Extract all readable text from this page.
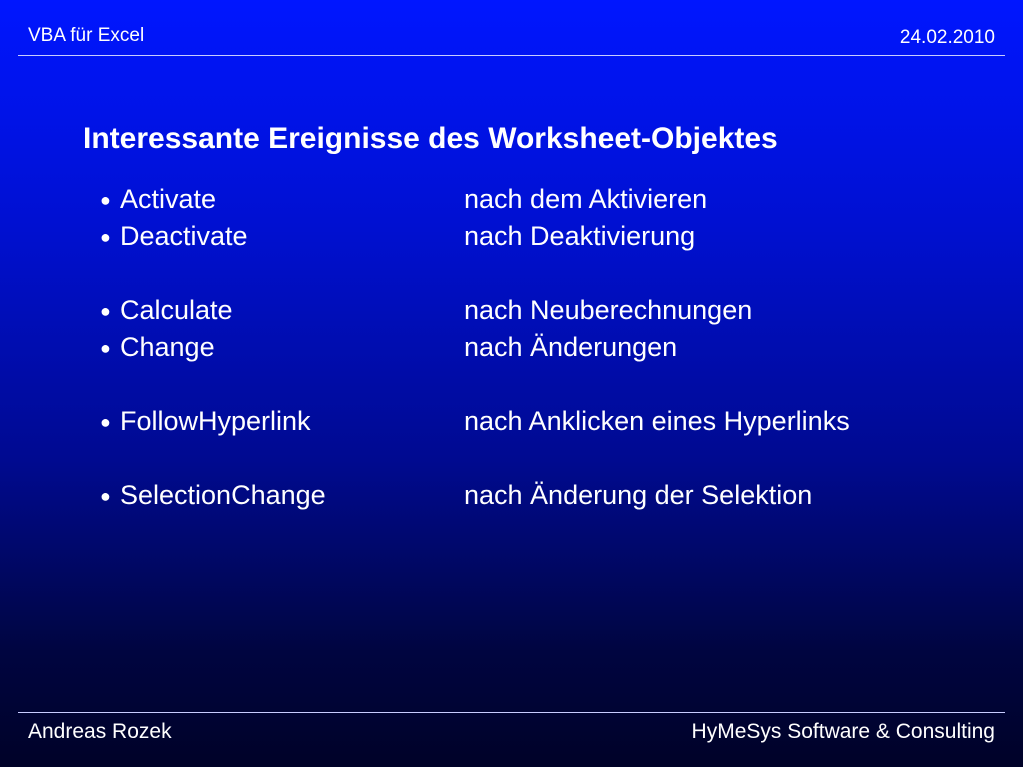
VBA für Excel	24.02.2010
Interessante Ereignisse des Worksheet-Objektes
● Activate	nach dem Aktivieren
● Deactivate	nach Deaktivierung
● Calculate	nach Neuberechnungen
● Change	nach Änderungen
● FollowHyperlink	nach Anklicken eines Hyperlinks
● SelectionChange	nach Änderung der Selektion
Andreas Rozek	HyMeSys Software & Consulting
